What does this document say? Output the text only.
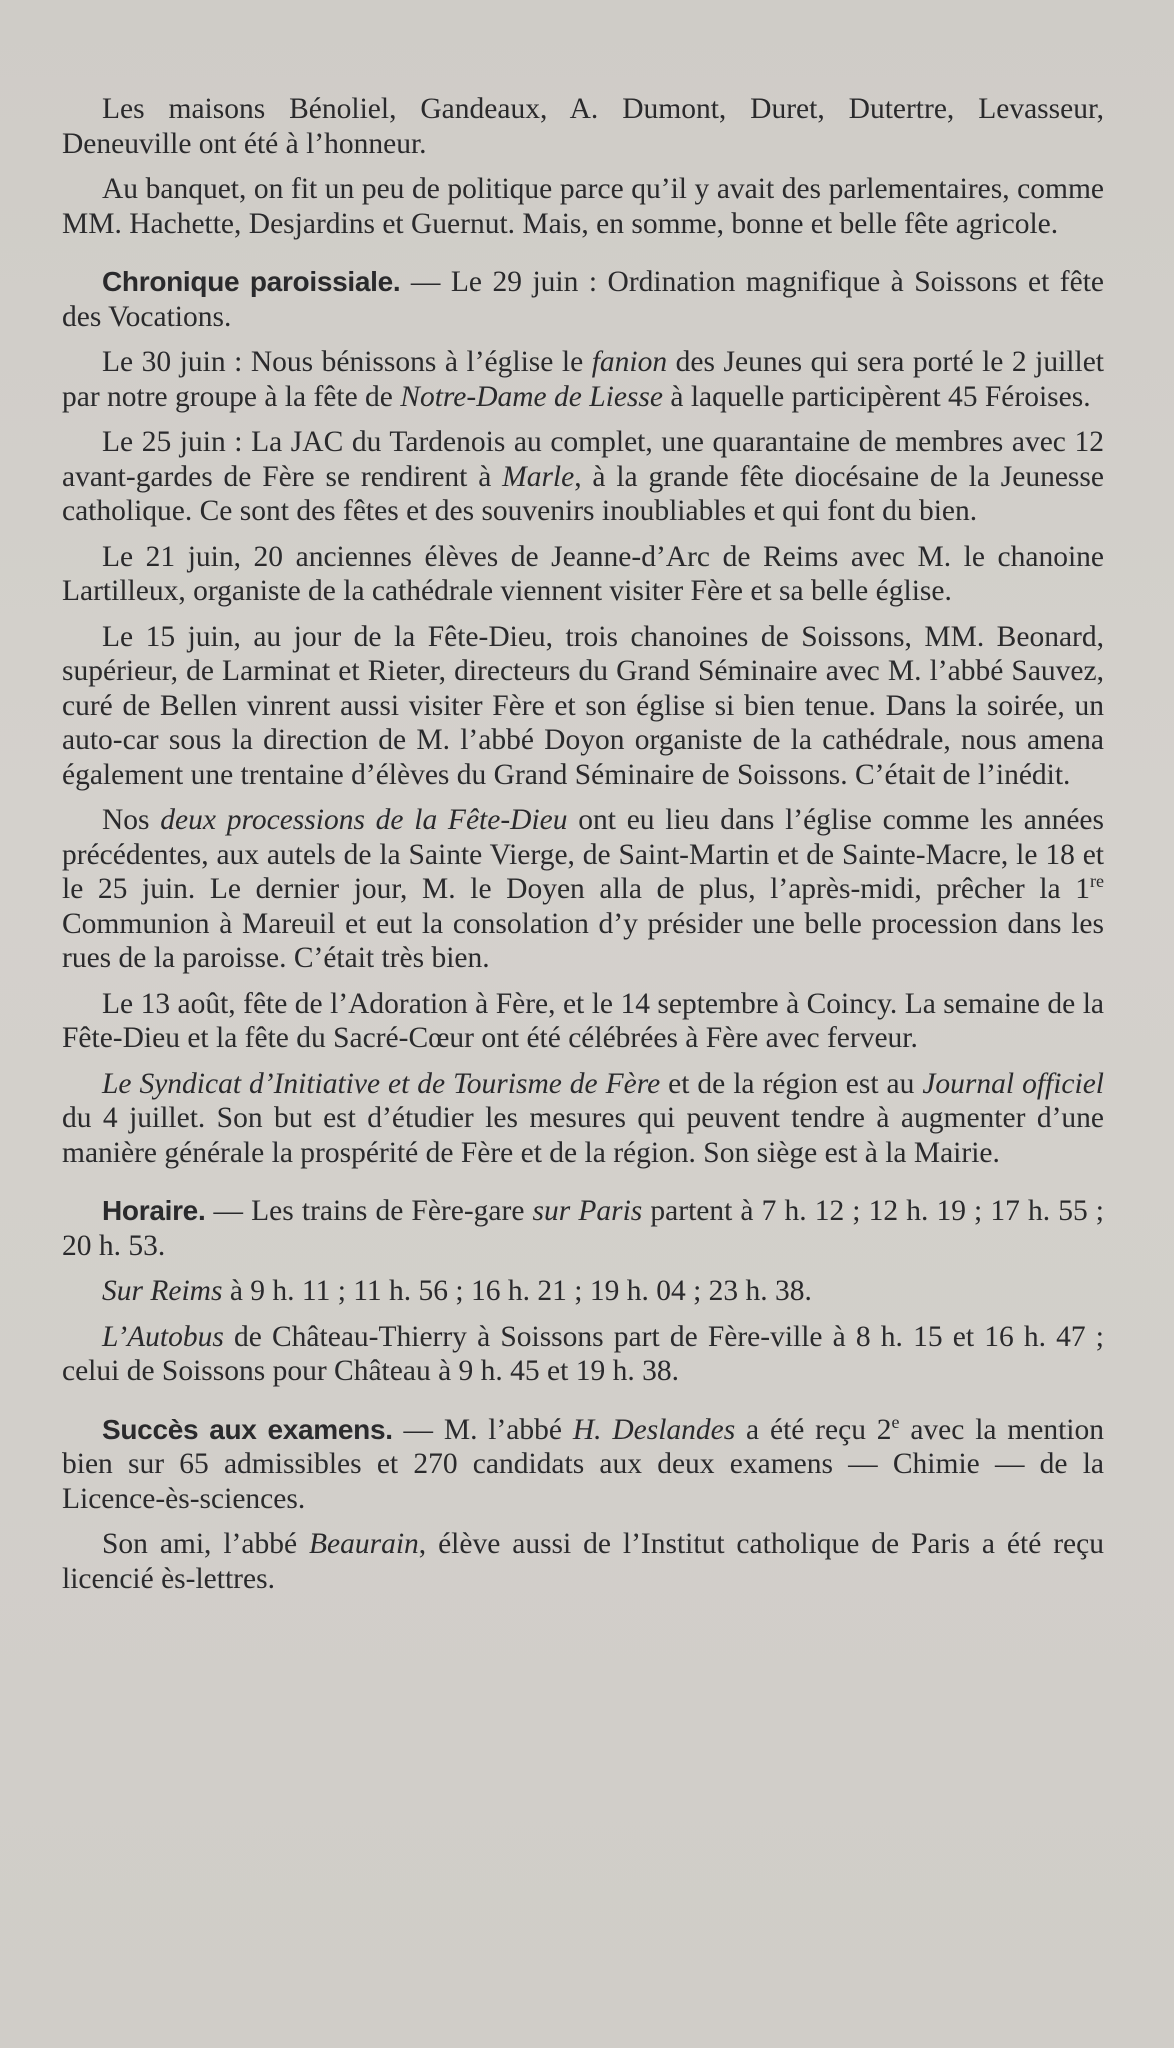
Les maisons Bénoliel, Gandeaux, A. Dumont, Duret, Dutertre, Levasseur, Deneuville ont été à l’honneur.

Au banquet, on fit un peu de politique parce qu’il y avait des parlementaires, comme MM. Hachette, Desjardins et Guernut. Mais, en somme, bonne et belle fête agricole.

Chronique paroissiale. — Le 29 juin : Ordination magnifique à Soissons et fête des Vocations.

Le 30 juin : Nous bénissons à l’église le fanion des Jeunes qui sera porté le 2 juillet par notre groupe à la fête de Notre-Dame de Liesse à laquelle participèrent 45 Féroises.

Le 25 juin : La JAC du Tardenois au complet, une quarantaine de membres avec 12 avant-gardes de Fère se rendirent à Marle, à la grande fête diocésaine de la Jeunesse catholique. Ce sont des fêtes et des souvenirs inoubliables et qui font du bien.

Le 21 juin, 20 anciennes élèves de Jeanne-d’Arc de Reims avec M. le chanoine Lartilleux, organiste de la cathédrale viennent visiter Fère et sa belle église.

Le 15 juin, au jour de la Fête-Dieu, trois chanoines de Soissons, MM. Beonard, supérieur, de Larminat et Rieter, directeurs du Grand Séminaire avec M. l’abbé Sauvez, curé de Bellen vinrent aussi visiter Fère et son église si bien tenue. Dans la soirée, un auto-car sous la direction de M. l’abbé Doyon organiste de la cathédrale, nous amena également une trentaine d’élèves du Grand Séminaire de Soissons. C’était de l’inédit.

Nos deux processions de la Fête-Dieu ont eu lieu dans l’église comme les années précédentes, aux autels de la Sainte Vierge, de Saint-Martin et de Sainte-Macre, le 18 et le 25 juin. Le dernier jour, M. le Doyen alla de plus, l’après-midi, prêcher la 1re Communion à Mareuil et eut la consolation d’y présider une belle procession dans les rues de la paroisse. C’était très bien.

Le 13 août, fête de l’Adoration à Fère, et le 14 septembre à Coincy. La semaine de la Fête-Dieu et la fête du Sacré-Cœur ont été célébrées à Fère avec ferveur.

Le Syndicat d’Initiative et de Tourisme de Fère et de la région est au Journal officiel du 4 juillet. Son but est d’étudier les mesures qui peuvent tendre à augmenter d’une manière générale la prospérité de Fère et de la région. Son siège est à la Mairie.

Horaire. — Les trains de Fère-gare sur Paris partent à 7 h. 12 ; 12 h. 19 ; 17 h. 55 ; 20 h. 53.

Sur Reims à 9 h. 11 ; 11 h. 56 ; 16 h. 21 ; 19 h. 04 ; 23 h. 38.

L’Autobus de Château-Thierry à Soissons part de Fère-ville à 8 h. 15 et 16 h. 47 ; celui de Soissons pour Château à 9 h. 45 et 19 h. 38.

Succès aux examens. — M. l’abbé H. Deslandes a été reçu 2e avec la mention bien sur 65 admissibles et 270 candidats aux deux examens — Chimie — de la Licence-ès-sciences.

Son ami, l’abbé Beaurain, élève aussi de l’Institut catholique de Paris a été reçu licencié ès-lettres.
